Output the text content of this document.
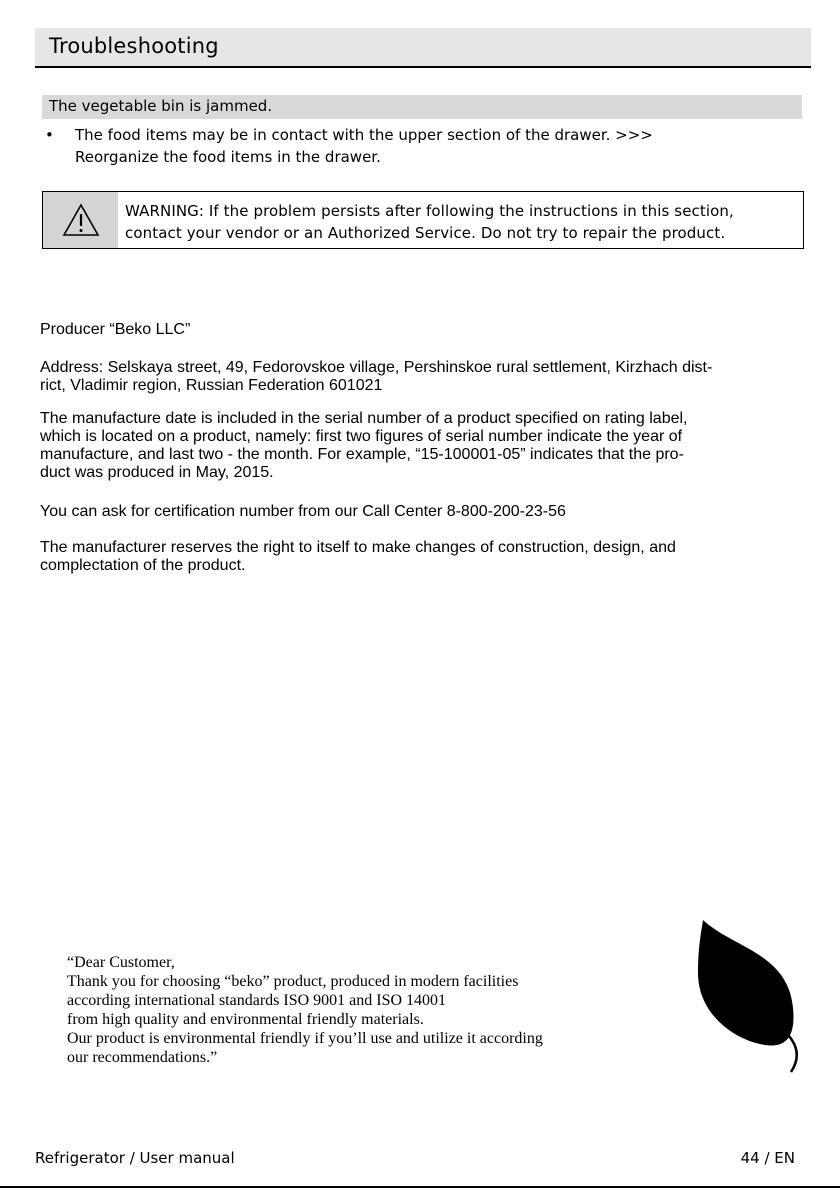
Troubleshooting
The vegetable bin is jammed.
• The food items may be in contact with the upper section of the drawer. >>>
Reorganize the food items in the drawer.
WARNING: If the problem persists after following the instructions in this section,
contact your vendor or an Authorized Service. Do not try to repair the product.
Producer “Beko LLC”
Address: Selskaya street, 49, Fedorovskoe village, Pershinskoe rural settlement, Kirzhach dist-
rict, Vladimir region, Russian Federation 601021
The manufacture date is included in the serial number of a product specified on rating label,
which is located on a product, namely: first two figures of serial number indicate the year of
manufacture, and last two - the month. For example, “15-100001-05” indicates that the pro-
duct was produced in May, 2015.
You can ask for certification number from our Call Center 8-800-200-23-56
The manufacturer reserves the right to itself to make changes of construction, design, and
complectation of the product.
“Dear Customer,
Thank you for choosing “beko” product, produced in modern facilities
according international standards ISO 9001 and ISO 14001
from high quality and environmental friendly materials.
Our product is environmental friendly if you’ll use and utilize it according
our recommendations.”
Refrigerator / User manual	44 / EN
